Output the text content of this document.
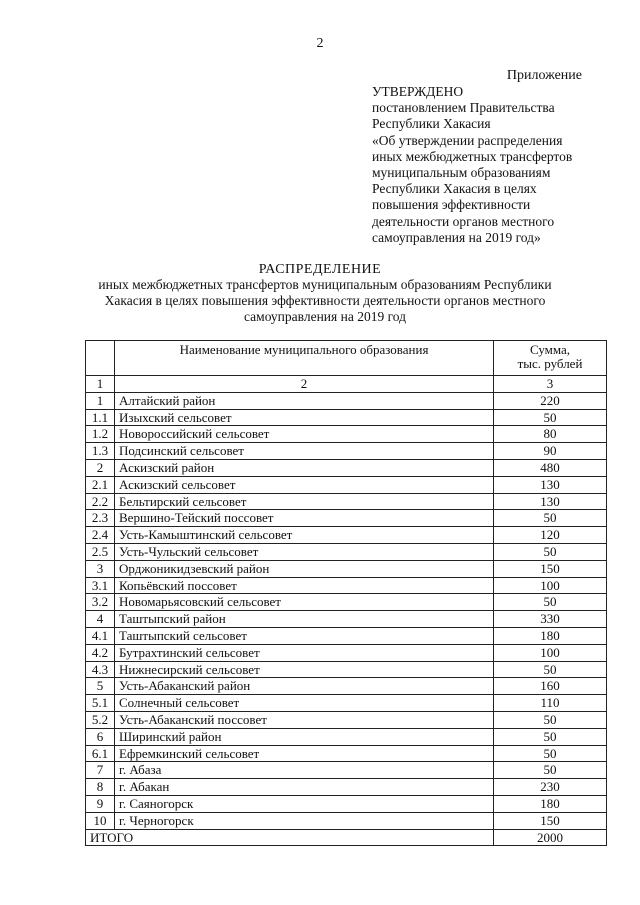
2
Приложение
УТВЕРЖДЕНО
постановлением Правительства
Республики Хакасия
«Об утверждении распределения
иных межбюджетных трансфертов
муниципальным образованиям
Республики Хакасия в целях
повышения эффективности
деятельности органов местного
самоуправления на 2019 год»
РАСПРЕДЕЛЕНИЕ
иных межбюджетных трансфертов муниципальным образованиям Республики
Хакасия в целях повышения эффективности деятельности органов местного
самоуправления на 2019 год
	Наименование муниципального образования	Сумма,
тыс. рублей

1	2	3
1	Алтайский район	220
1.1	Изыхский сельсовет	50
1.2	Новороссийский сельсовет	80
1.3	Подсинский сельсовет	90
2	Аскизский район	480
2.1	Аскизский сельсовет	130
2.2	Бельтирский сельсовет	130
2.3	Вершино-Тейский поссовет	50
2.4	Усть-Камыштинский сельсовет	120
2.5	Усть-Чульский сельсовет	50
3	Орджоникидзевский район	150
3.1	Копьёвский поссовет	100
3.2	Новомарьясовский сельсовет	50
4	Таштыпский район	330
4.1	Таштыпский сельсовет	180
4.2	Бутрахтинский сельсовет	100
4.3	Нижнесирский сельсовет	50
5	Усть-Абаканский район	160
5.1	Солнечный сельсовет	110
5.2	Усть-Абаканский поссовет	50
6	Ширинский район	50
6.1	Ефремкинский сельсовет	50
7	г. Абаза	50
8	г. Абакан	230
9	г. Саяногорск	180
10	г. Черногорск	150
ИТОГО		2000
